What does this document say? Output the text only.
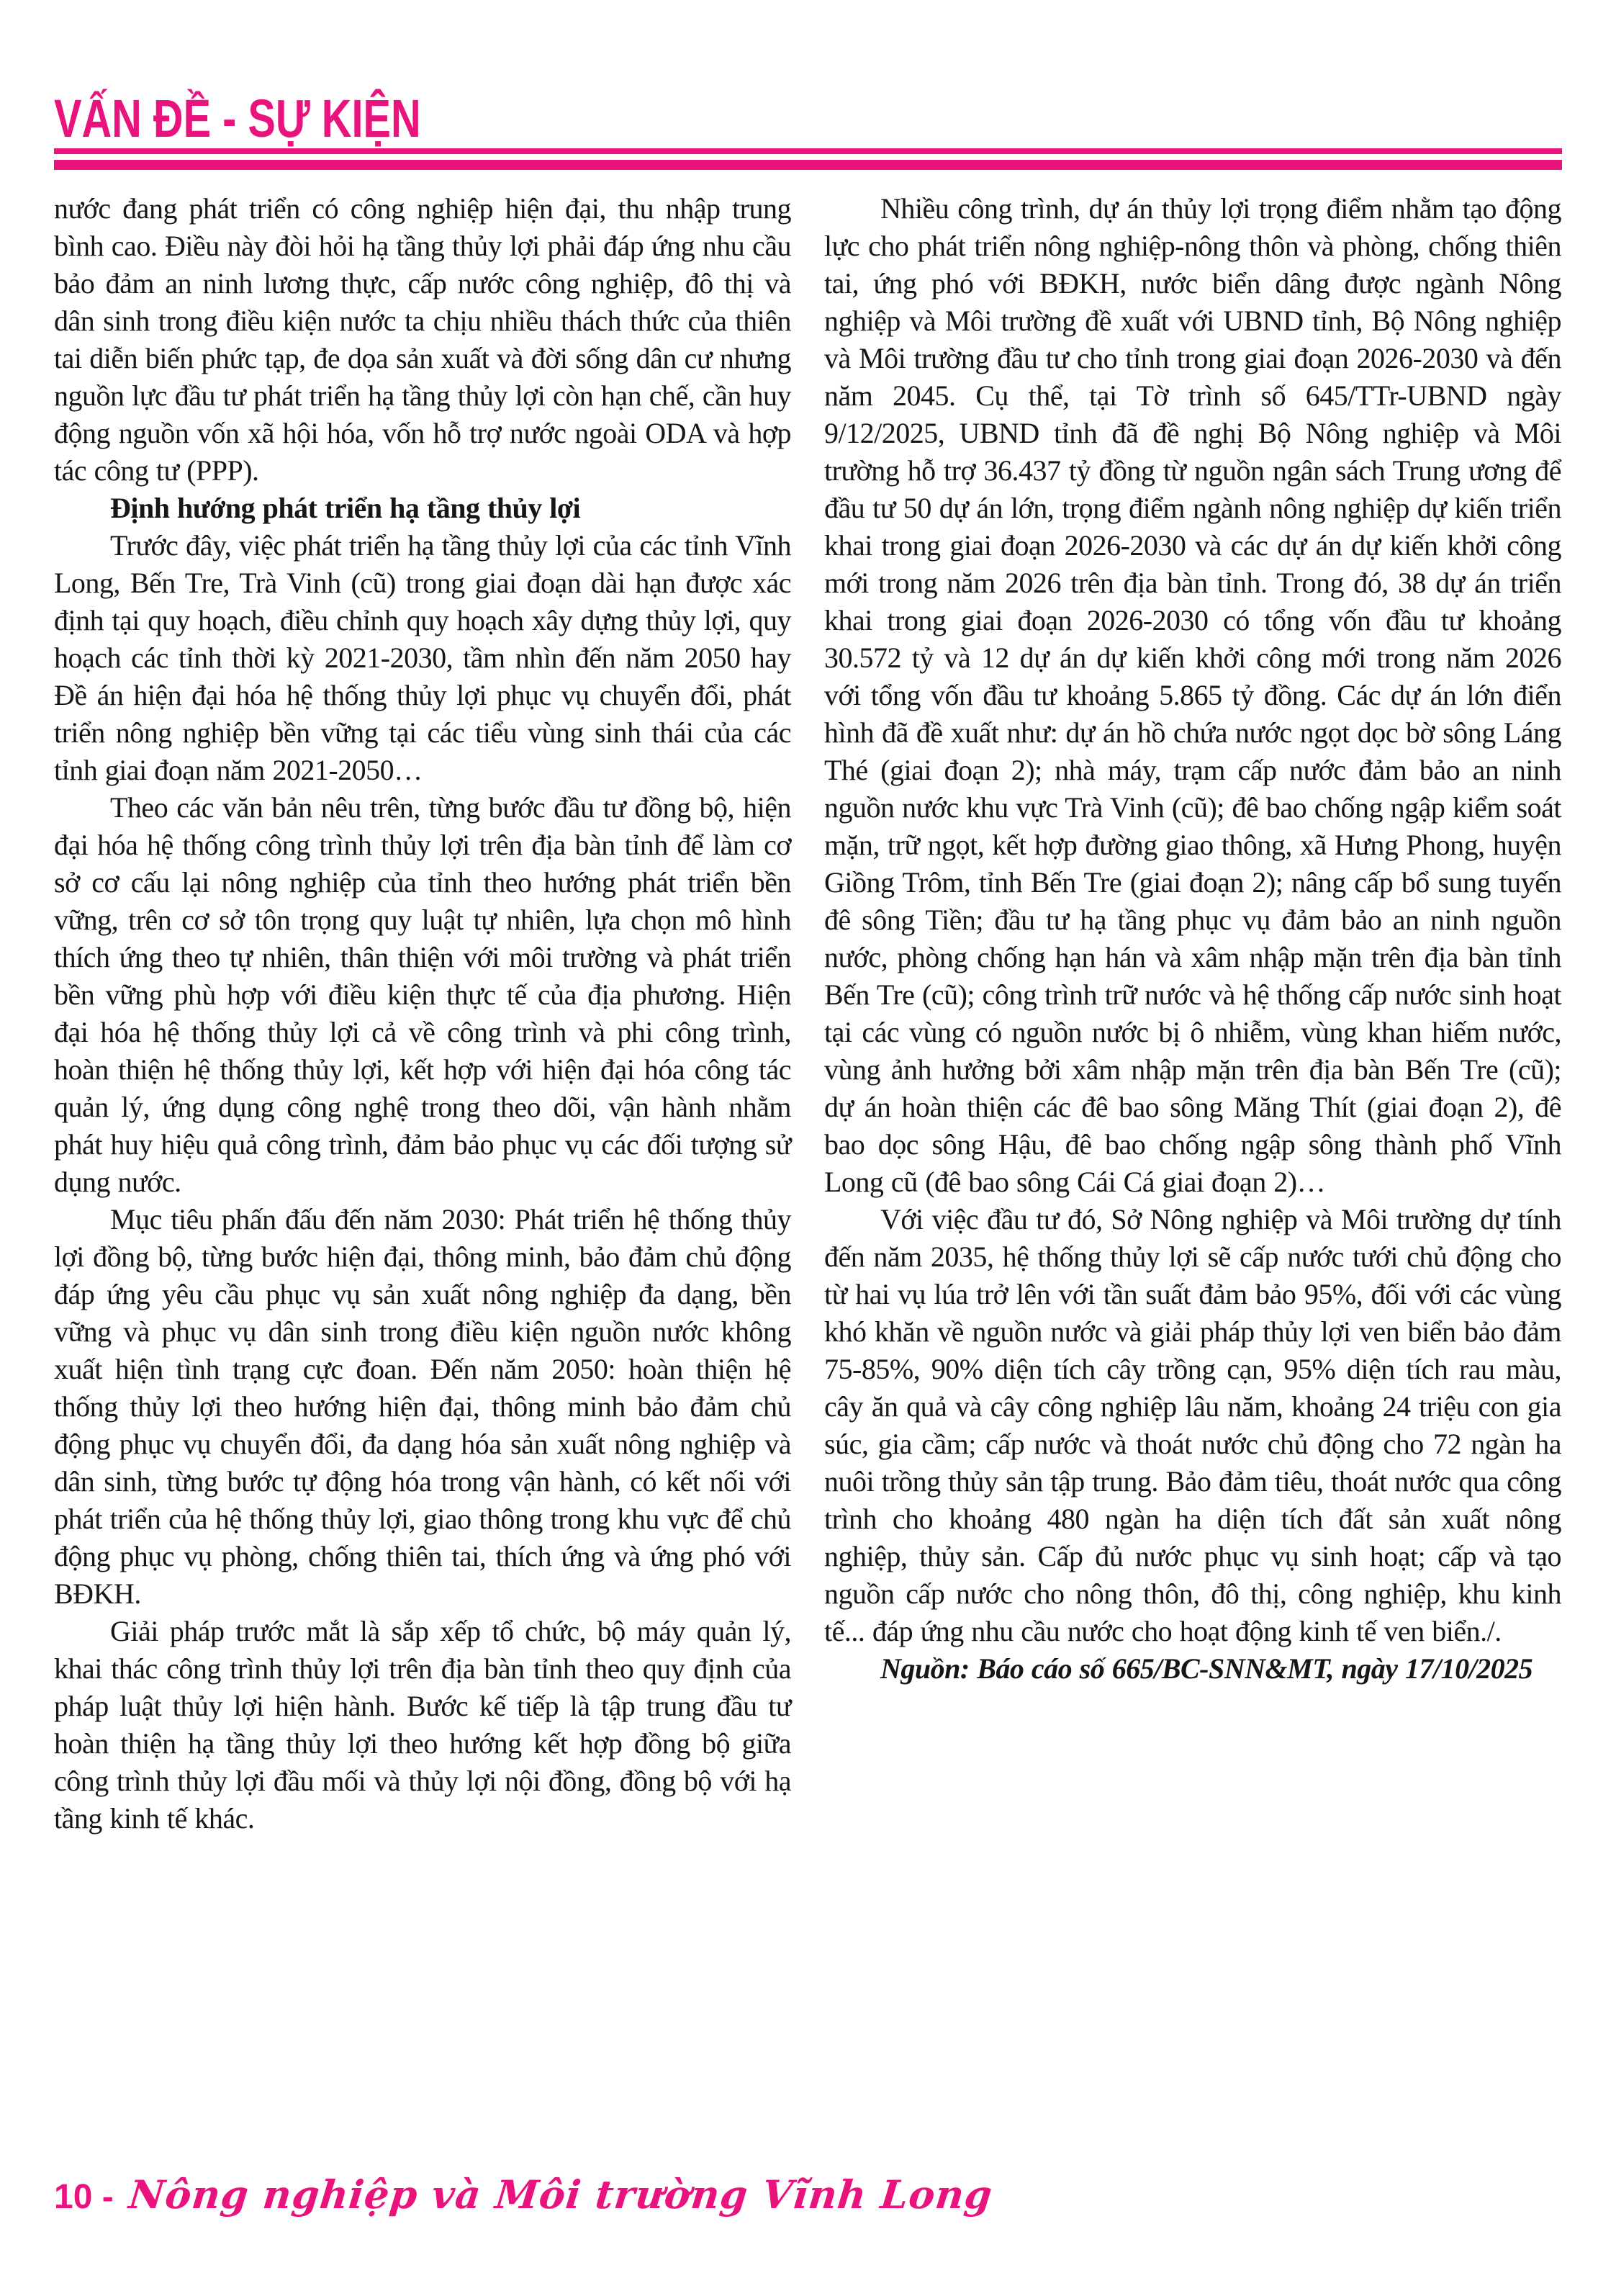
VẤN ĐỀ - SỰ KIỆN

nước đang phát triển có công nghiệp hiện đại, thu nhập trung bình cao. Điều này đòi hỏi hạ tầng thủy lợi phải đáp ứng nhu cầu bảo đảm an ninh lương thực, cấp nước công nghiệp, đô thị và dân sinh trong điều kiện nước ta chịu nhiều thách thức của thiên tai diễn biến phức tạp, đe dọa sản xuất và đời sống dân cư nhưng nguồn lực đầu tư phát triển hạ tầng thủy lợi còn hạn chế, cần huy động nguồn vốn xã hội hóa, vốn hỗ trợ nước ngoài ODA và hợp tác công tư (PPP).

Định hướng phát triển hạ tầng thủy lợi

Trước đây, việc phát triển hạ tầng thủy lợi của các tỉnh Vĩnh Long, Bến Tre, Trà Vinh (cũ) trong giai đoạn dài hạn được xác định tại quy hoạch, điều chỉnh quy hoạch xây dựng thủy lợi, quy hoạch các tỉnh thời kỳ 2021-2030, tầm nhìn đến năm 2050 hay Đề án hiện đại hóa hệ thống thủy lợi phục vụ chuyển đổi, phát triển nông nghiệp bền vững tại các tiểu vùng sinh thái của các tỉnh giai đoạn năm 2021-2050…

Theo các văn bản nêu trên, từng bước đầu tư đồng bộ, hiện đại hóa hệ thống công trình thủy lợi trên địa bàn tỉnh để làm cơ sở cơ cấu lại nông nghiệp của tỉnh theo hướng phát triển bền vững, trên cơ sở tôn trọng quy luật tự nhiên, lựa chọn mô hình thích ứng theo tự nhiên, thân thiện với môi trường và phát triển bền vững phù hợp với điều kiện thực tế của địa phương. Hiện đại hóa hệ thống thủy lợi cả về công trình và phi công trình, hoàn thiện hệ thống thủy lợi, kết hợp với hiện đại hóa công tác quản lý, ứng dụng công nghệ trong theo dõi, vận hành nhằm phát huy hiệu quả công trình, đảm bảo phục vụ các đối tượng sử dụng nước.

Mục tiêu phấn đấu đến năm 2030: Phát triển hệ thống thủy lợi đồng bộ, từng bước hiện đại, thông minh, bảo đảm chủ động đáp ứng yêu cầu phục vụ sản xuất nông nghiệp đa dạng, bền vững và phục vụ dân sinh trong điều kiện nguồn nước không xuất hiện tình trạng cực đoan. Đến năm 2050: hoàn thiện hệ thống thủy lợi theo hướng hiện đại, thông minh bảo đảm chủ động phục vụ chuyển đổi, đa dạng hóa sản xuất nông nghiệp và dân sinh, từng bước tự động hóa trong vận hành, có kết nối với phát triển của hệ thống thủy lợi, giao thông trong khu vực để chủ động phục vụ phòng, chống thiên tai, thích ứng và ứng phó với BĐKH.

Giải pháp trước mắt là sắp xếp tổ chức, bộ máy quản lý, khai thác công trình thủy lợi trên địa bàn tỉnh theo quy định của pháp luật thủy lợi hiện hành. Bước kế tiếp là tập trung đầu tư hoàn thiện hạ tầng thủy lợi theo hướng kết hợp đồng bộ giữa công trình thủy lợi đầu mối và thủy lợi nội đồng, đồng bộ với hạ tầng kinh tế khác.

Nhiều công trình, dự án thủy lợi trọng điểm nhằm tạo động lực cho phát triển nông nghiệp-nông thôn và phòng, chống thiên tai, ứng phó với BĐKH, nước biển dâng được ngành Nông nghiệp và Môi trường đề xuất với UBND tỉnh, Bộ Nông nghiệp và Môi trường đầu tư cho tỉnh trong giai đoạn 2026-2030 và đến năm 2045. Cụ thể, tại Tờ trình số 645/TTr-UBND ngày 9/12/2025, UBND tỉnh đã đề nghị Bộ Nông nghiệp và Môi trường hỗ trợ 36.437 tỷ đồng từ nguồn ngân sách Trung ương để đầu tư 50 dự án lớn, trọng điểm ngành nông nghiệp dự kiến triển khai trong giai đoạn 2026-2030 và các dự án dự kiến khởi công mới trong năm 2026 trên địa bàn tỉnh. Trong đó, 38 dự án triển khai trong giai đoạn 2026-2030 có tổng vốn đầu tư khoảng 30.572 tỷ và 12 dự án dự kiến khởi công mới trong năm 2026 với tổng vốn đầu tư khoảng 5.865 tỷ đồng. Các dự án lớn điển hình đã đề xuất như: dự án hồ chứa nước ngọt dọc bờ sông Láng Thé (giai đoạn 2); nhà máy, trạm cấp nước đảm bảo an ninh nguồn nước khu vực Trà Vinh (cũ); đê bao chống ngập kiểm soát mặn, trữ ngọt, kết hợp đường giao thông, xã Hưng Phong, huyện Giồng Trôm, tỉnh Bến Tre (giai đoạn 2); nâng cấp bổ sung tuyến đê sông Tiền; đầu tư hạ tầng phục vụ đảm bảo an ninh nguồn nước, phòng chống hạn hán và xâm nhập mặn trên địa bàn tỉnh Bến Tre (cũ); công trình trữ nước và hệ thống cấp nước sinh hoạt tại các vùng có nguồn nước bị ô nhiễm, vùng khan hiếm nước, vùng ảnh hưởng bởi xâm nhập mặn trên địa bàn Bến Tre (cũ); dự án hoàn thiện các đê bao sông Măng Thít (giai đoạn 2), đê bao dọc sông Hậu, đê bao chống ngập sông thành phố Vĩnh Long cũ (đê bao sông Cái Cá giai đoạn 2)…

Với việc đầu tư đó, Sở Nông nghiệp và Môi trường dự tính đến năm 2035, hệ thống thủy lợi sẽ cấp nước tưới chủ động cho từ hai vụ lúa trở lên với tần suất đảm bảo 95%, đối với các vùng khó khăn về nguồn nước và giải pháp thủy lợi ven biển bảo đảm 75-85%, 90% diện tích cây trồng cạn, 95% diện tích rau màu, cây ăn quả và cây công nghiệp lâu năm, khoảng 24 triệu con gia súc, gia cầm; cấp nước và thoát nước chủ động cho 72 ngàn ha nuôi trồng thủy sản tập trung. Bảo đảm tiêu, thoát nước qua công trình cho khoảng 480 ngàn ha diện tích đất sản xuất nông nghiệp, thủy sản. Cấp đủ nước phục vụ sinh hoạt; cấp và tạo nguồn cấp nước cho nông thôn, đô thị, công nghiệp, khu kinh tế... đáp ứng nhu cầu nước cho hoạt động kinh tế ven biển./.

Nguồn: Báo cáo số 665/BC-SNN&MT, ngày 17/10/2025

10 - Nông nghiệp và Môi trường Vĩnh Long
